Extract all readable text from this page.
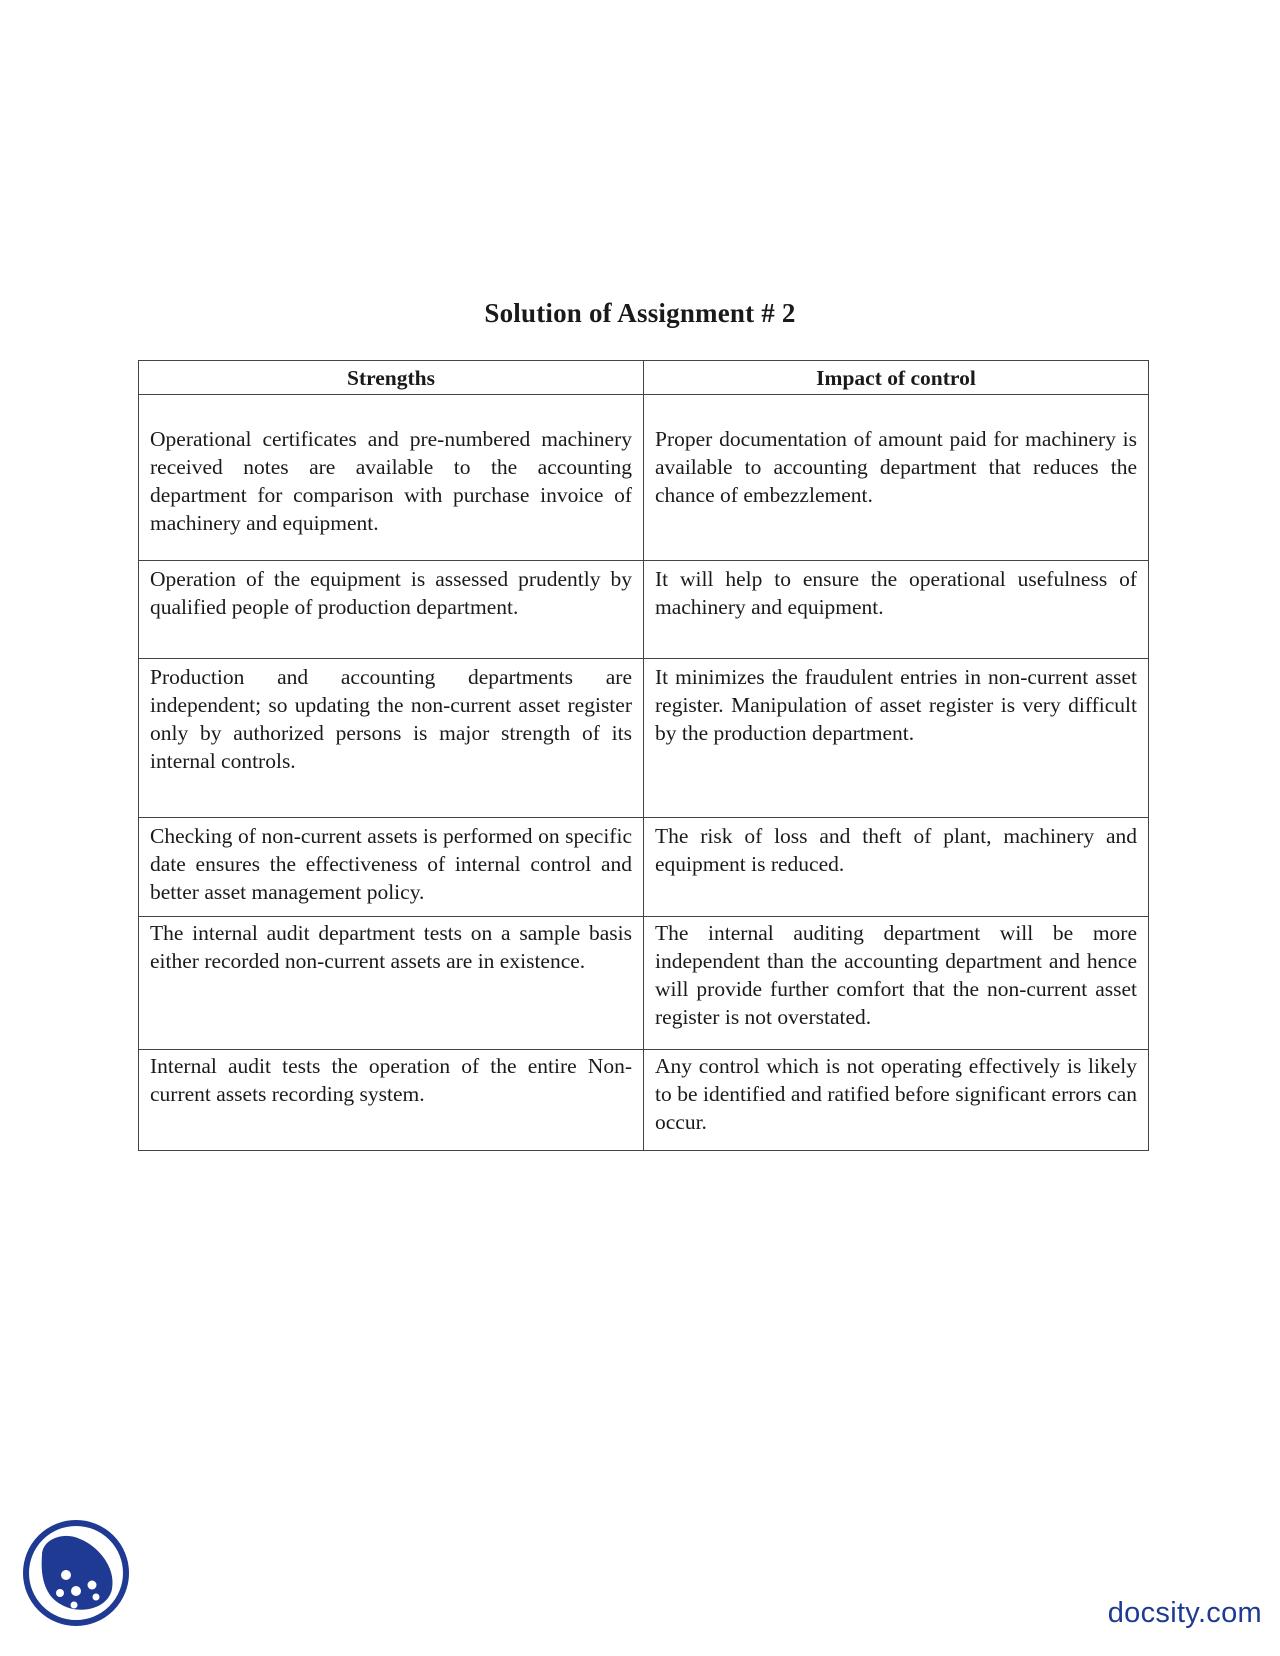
Solution of Assignment # 2
Strengths	Impact of control
Operational certificates and pre-numbered machinery received notes are available to the accounting department for comparison with purchase invoice of machinery and equipment.	Proper documentation of amount paid for machinery is available to accounting department that reduces the chance of embezzlement.
Operation of the equipment is assessed prudently by qualified people of production department.	It will help to ensure the operational usefulness of machinery and equipment.
Production and accounting departments are independent; so updating the non-current asset register only by authorized persons is major strength of its internal controls.	It minimizes the fraudulent entries in non-current asset register. Manipulation of asset register is very difficult by the production department.
Checking of non-current assets is performed on specific date ensures the effectiveness of internal control and better asset management policy.	The risk of loss and theft of plant, machinery and equipment is reduced.
The internal audit department tests on a sample basis either recorded non-current assets are in existence.	The internal auditing department will be more independent than the accounting department and hence will provide further comfort that the non-current asset register is not overstated.
Internal audit tests the operation of the entire Non-current assets recording system.	Any control which is not operating effectively is likely to be identified and ratified before significant errors can occur.
docsity.com
